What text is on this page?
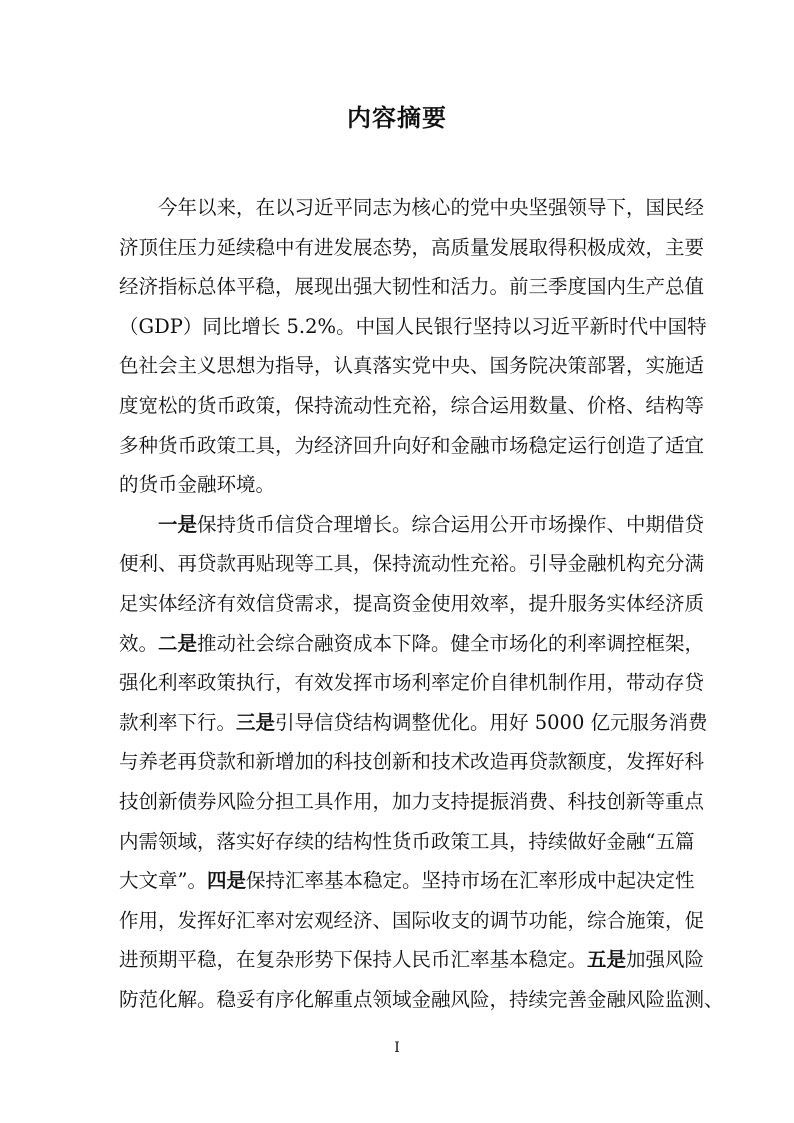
内容摘要
今年以来，在以习近平同志为核心的党中央坚强领导下，国民经
济顶住压力延续稳中有进发展态势，高质量发展取得积极成效，主要
经济指标总体平稳，展现出强大韧性和活力。前三季度国内生产总值
（GDP）同比增长 5.2%。中国人民银行坚持以习近平新时代中国特
色社会主义思想为指导，认真落实党中央、国务院决策部署，实施适
度宽松的货币政策，保持流动性充裕，综合运用数量、价格、结构等
多种货币政策工具，为经济回升向好和金融市场稳定运行创造了适宜
的货币金融环境。
一是保持货币信贷合理增长。综合运用公开市场操作、中期借贷
便利、再贷款再贴现等工具，保持流动性充裕。引导金融机构充分满
足实体经济有效信贷需求，提高资金使用效率，提升服务实体经济质
效。二是推动社会综合融资成本下降。健全市场化的利率调控框架，
强化利率政策执行，有效发挥市场利率定价自律机制作用，带动存贷
款利率下行。三是引导信贷结构调整优化。用好 5000 亿元服务消费
与养老再贷款和新增加的科技创新和技术改造再贷款额度，发挥好科
技创新债券风险分担工具作用，加力支持提振消费、科技创新等重点
内需领域，落实好存续的结构性货币政策工具，持续做好金融“五篇
大文章”。四是保持汇率基本稳定。坚持市场在汇率形成中起决定性
作用，发挥好汇率对宏观经济、国际收支的调节功能，综合施策，促
进预期平稳，在复杂形势下保持人民币汇率基本稳定。五是加强风险
防范化解。稳妥有序化解重点领域金融风险，持续完善金融风险监测、
I
